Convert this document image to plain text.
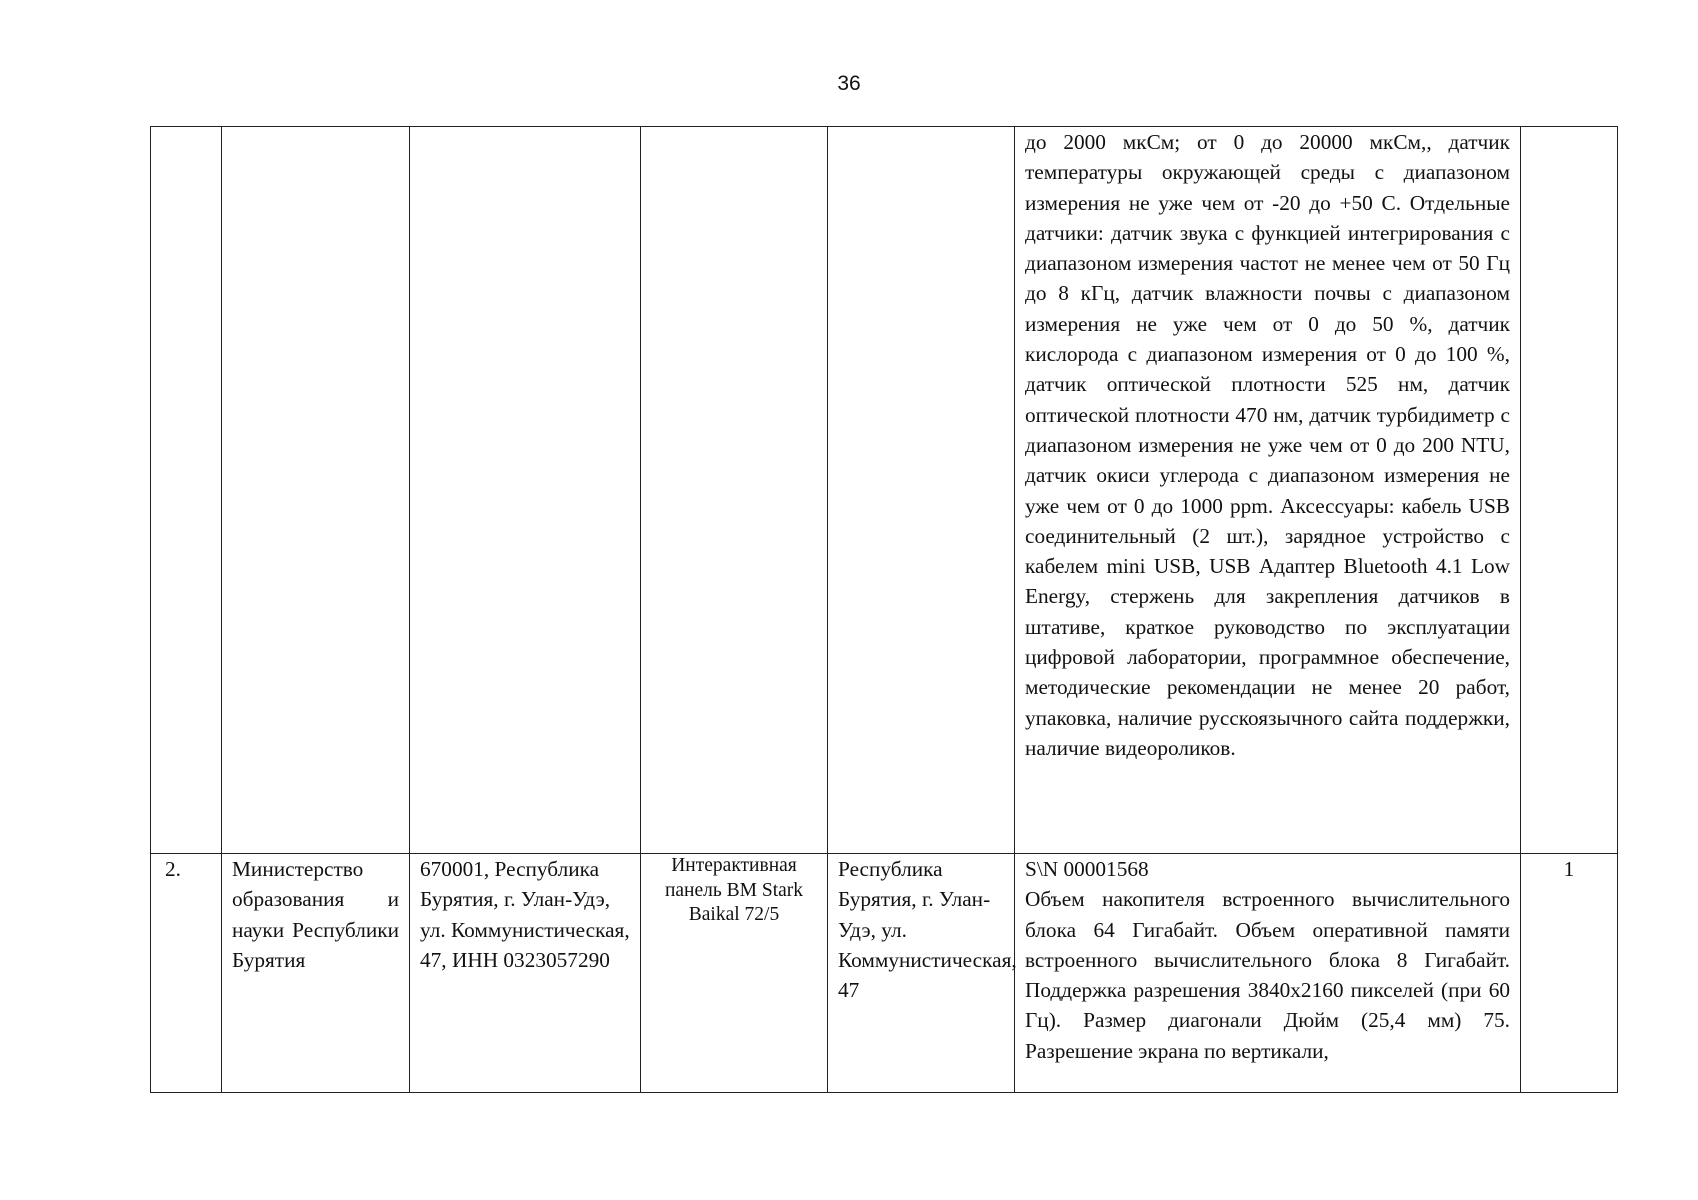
36

					до 2000 мкСм; от 0 до 20000 мкСм,, датчик температуры окружающей среды с диапазоном измерения не уже чем от -20 до +50 С. Отдельные датчики: датчик звука с функцией интегрирования с диапазоном измерения частот не менее чем от 50 Гц до 8 кГц, датчик влажности почвы с диапазоном измерения не уже чем от 0 до 50 %, датчик кислорода с диапазоном измерения от 0 до 100 %, датчик оптической плотности 525 нм, датчик оптической плотности 470 нм, датчик турбидиметр с диапазоном измерения не уже чем от 0 до 200 NTU, датчик окиси углерода с диапазоном измерения не уже чем от 0 до 1000 ppm. Аксессуары: кабель USB соединительный (2 шт.), зарядное устройство с кабелем mini USB, USB Адаптер Bluetooth 4.1 Low Energy, стержень для закрепления датчиков в штативе, краткое руководство по эксплуатации цифровой лаборатории, программное обеспечение, методические рекомендации не менее 20 работ, упаковка, наличие русскоязычного сайта поддержки, наличие видеороликов.	

2.	Министерство образования и науки Республики Бурятия	670001, Республика Бурятия, г. Улан-Удэ, ул. Коммунистическая, 47, ИНН 0323057290	Интерактивная панель BM Stark Baikal 72/5	Республика Бурятия, г. Улан-Удэ, ул. Коммунистическая, 47	S\N 00001568
Объем накопителя встроенного вычислительного блока 64 Гигабайт. Объем оперативной памяти встроенного вычислительного блока 8 Гигабайт. Поддержка разрешения 3840x2160 пикселей (при 60 Гц). Размер диагонали Дюйм (25,4 мм) 75. Разрешение экрана по вертикали,	1
